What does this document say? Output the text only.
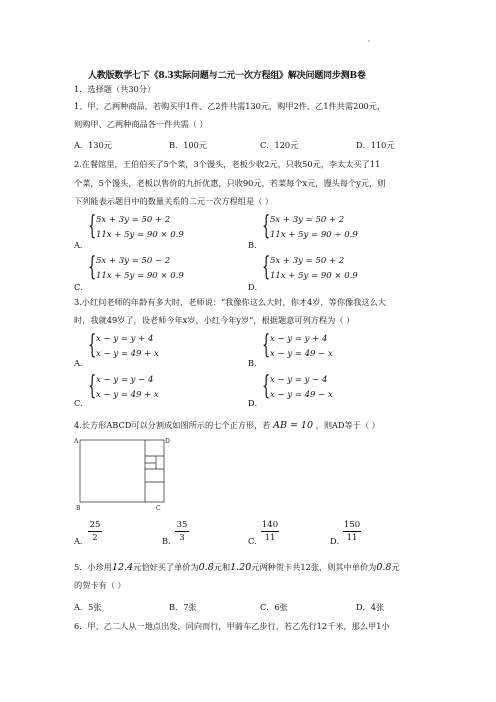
人教版数学七下《8.3实际问题与二元一次方程组》解决问题同步测B卷
1．选择题（共30分）
1、甲、乙两种商品，若购买甲1件、乙2件共需130元，购甲2件、乙1件共需200元，
则购甲、乙两种商品各一件共需（ ）
A．130元	B．100元	C．120元	D．110元
2.在餐馆里，王伯伯买了5个菜，3个馒头，老板少收2元，只收50元，李太太买了11
个菜，5个馒头，老板以售价的九折优惠，只收90元，若菜每个x元，馒头每个y元，则
下列能表示题目中的数量关系的二元一次方程组是（ ）
A．
{ 5x + 3y = 50 + 2
11x + 5y = 90 × 0.9
B．
{ 5x + 3y = 50 + 2
11x + 5y = 90 ÷ 0.9
C．
{ 5x + 3y = 50 − 2
11x + 5y = 90 × 0.9
D．
{ 5x + 3y = 50 + 2
11x + 5y = 90 × 0.9
3.小红问老师的年龄有多大时，老师说：“我像你这么大时，你才4岁，等你像我这么大
时，我就49岁了，设老师今年x岁，小红今年y岁”，根据题意可列方程为（ ）
A．
{ x − y = y + 4
x − y = 49 + x
B．
{ x − y = y + 4
x − y = 49 − x
C．
{ x − y = y − 4
x − y = 49 + x
D．
{ x − y = y − 4
x − y = 49 − x
4.长方形ABCD可以分割成如图所示的七个正方形，若 AB = 10 ，则AD等于（ ）
A	D
B	C
A．
25
2	B．
35
3	C．
140
11	D．
150
11
5．小珍用12.4元恰好买了单价为0.8元和1.20元两种贺卡共12张，则其中单价为0.8元
的贺卡有（ ）
A．5张	B．7张	C．6张	D．4张
6．甲、乙二人从一地点出发，同向而行，甲骑车乙步行，若乙先行12千米，那么甲1小
